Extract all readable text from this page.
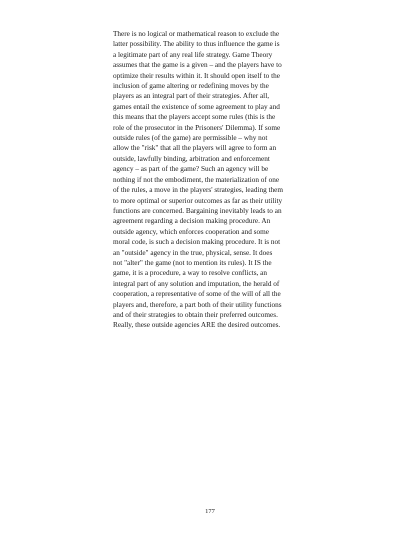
There is no logical or mathematical reason to exclude the
latter possibility. The ability to thus influence the game is
a legitimate part of any real life strategy. Game Theory
assumes that the game is a given – and the players have to
optimize their results within it. It should open itself to the
inclusion of game altering or redefining moves by the
players as an integral part of their strategies. After all,
games entail the existence of some agreement to play and
this means that the players accept some rules (this is the
role of the prosecutor in the Prisoners' Dilemma). If some
outside rules (of the game) are permissible – why not
allow the "risk" that all the players will agree to form an
outside, lawfully binding, arbitration and enforcement
agency – as part of the game? Such an agency will be
nothing if not the embodiment, the materialization of one
of the rules, a move in the players' strategies, leading them
to more optimal or superior outcomes as far as their utility
functions are concerned. Bargaining inevitably leads to an
agreement regarding a decision making procedure. An
outside agency, which enforces cooperation and some
moral code, is such a decision making procedure. It is not
an "outside" agency in the true, physical, sense. It does
not "alter" the game (not to mention its rules). It IS the
game, it is a procedure, a way to resolve conflicts, an
integral part of any solution and imputation, the herald of
cooperation, a representative of some of the will of all the
players and, therefore, a part both of their utility functions
and of their strategies to obtain their preferred outcomes.
Really, these outside agencies ARE the desired outcomes.

177
